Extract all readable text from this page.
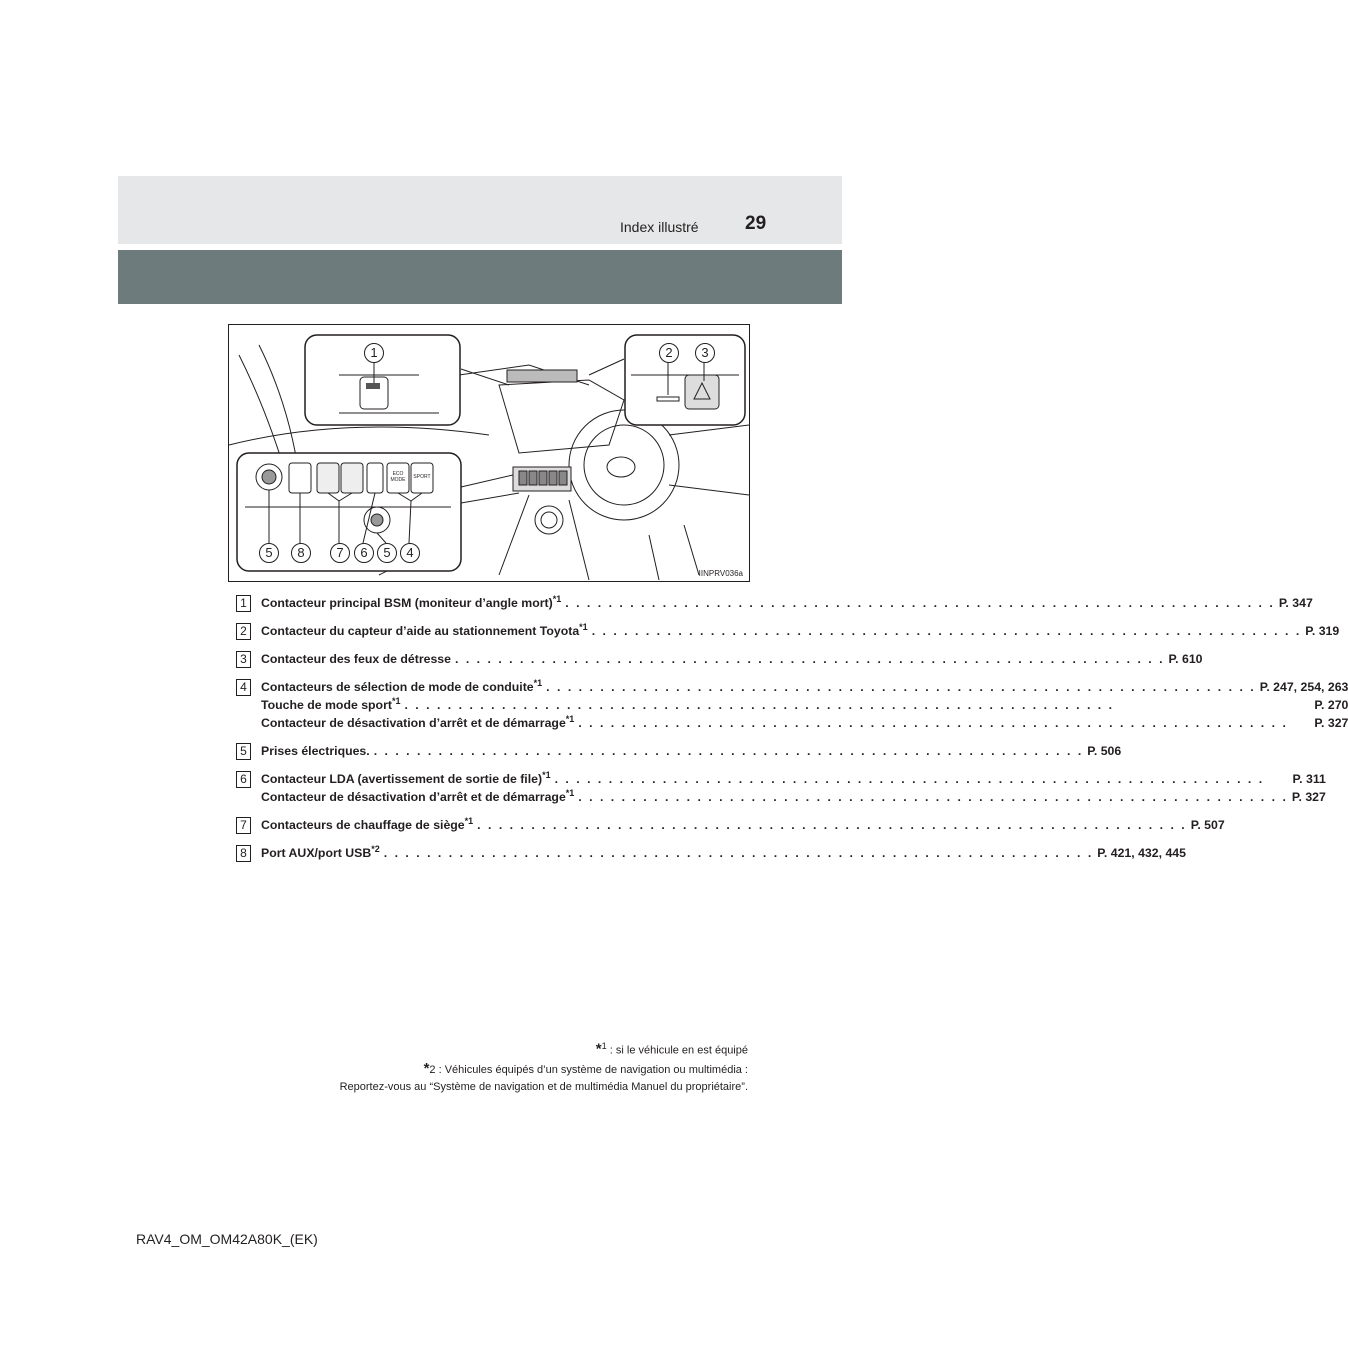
Index illustré 29
1	2	3
5	8	7	6	5	4
ECO MODE	SPORT
IINPRV036a
1	Contacteur principal BSM (moniteur d’angle mort)$^{*1}$ . . .	P. 347
2	Contacteur du capteur d’aide au stationnement Toyota$^{*1}$ . . .	P. 319
3	Contacteur des feux de détresse . . .	P. 610
4	Contacteurs de sélection de mode de conduite$^{*1}$ . . .	P. 247, 254, 263
Touche de mode sport$^{*1}$ . . .	P. 270
Contacteur de désactivation d’arrêt et de démarrage$^{*1}$ . . .	P. 327
5	Prises électriques. . . .	P. 506
6	Contacteur LDA (avertissement de sortie de file)$^{*1}$ . . .	P. 311
Contacteur de désactivation d’arrêt et de démarrage$^{*1}$ . . .	P. 327
7	Contacteurs de chauffage de siège$^{*1}$ . . .	P. 507
8	Port AUX/port USB$^{*2}$ . . .	P. 421, 432, 445
*$^1$ : si le véhicule en est équipé
*2 : Véhicules équipés d’un système de navigation ou multimédia :
Reportez-vous au “Système de navigation et de multimédia Manuel du propriétaire”.
RAV4_OM_OM42A80K_(EK)
